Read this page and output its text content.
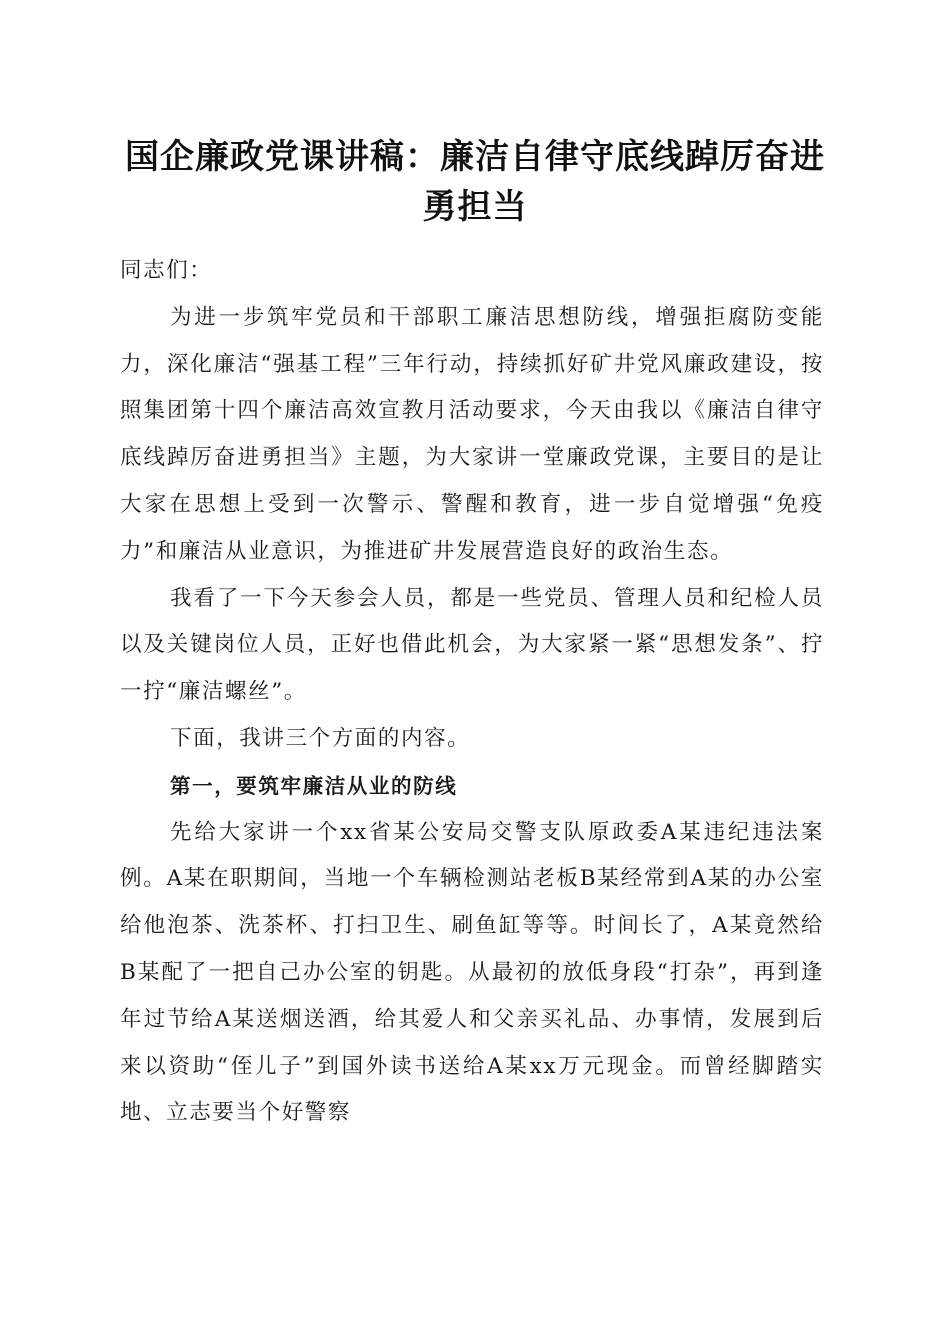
国企廉政党课讲稿：廉洁自律守底线踔厉奋进勇担当

同志们：

为进一步筑牢党员和干部职工廉洁思想防线，增强拒腐防变能力，深化廉洁“强基工程”三年行动，持续抓好矿井党风廉政建设，按照集团第十四个廉洁高效宣教月活动要求，今天由我以《廉洁自律守底线踔厉奋进勇担当》主题，为大家讲一堂廉政党课，主要目的是让大家在思想上受到一次警示、警醒和教育，进一步自觉增强“免疫力”和廉洁从业意识，为推进矿井发展营造良好的政治生态。

我看了一下今天参会人员，都是一些党员、管理人员和纪检人员以及关键岗位人员，正好也借此机会，为大家紧一紧“思想发条”、拧一拧“廉洁螺丝”。

下面，我讲三个方面的内容。

第一，要筑牢廉洁从业的防线

先给大家讲一个xx省某公安局交警支队原政委A某违纪违法案例。A某在职期间，当地一个车辆检测站老板B某经常到A某的办公室给他泡茶、洗茶杯、打扫卫生、刷鱼缸等等。时间长了，A某竟然给B某配了一把自己办公室的钥匙。从最初的放低身段“打杂”，再到逢年过节给A某送烟送酒，给其爱人和父亲买礼品、办事情，发展到后来以资助“侄儿子”到国外读书送给A某xx万元现金。而曾经脚踏实地、立志要当个好警察
